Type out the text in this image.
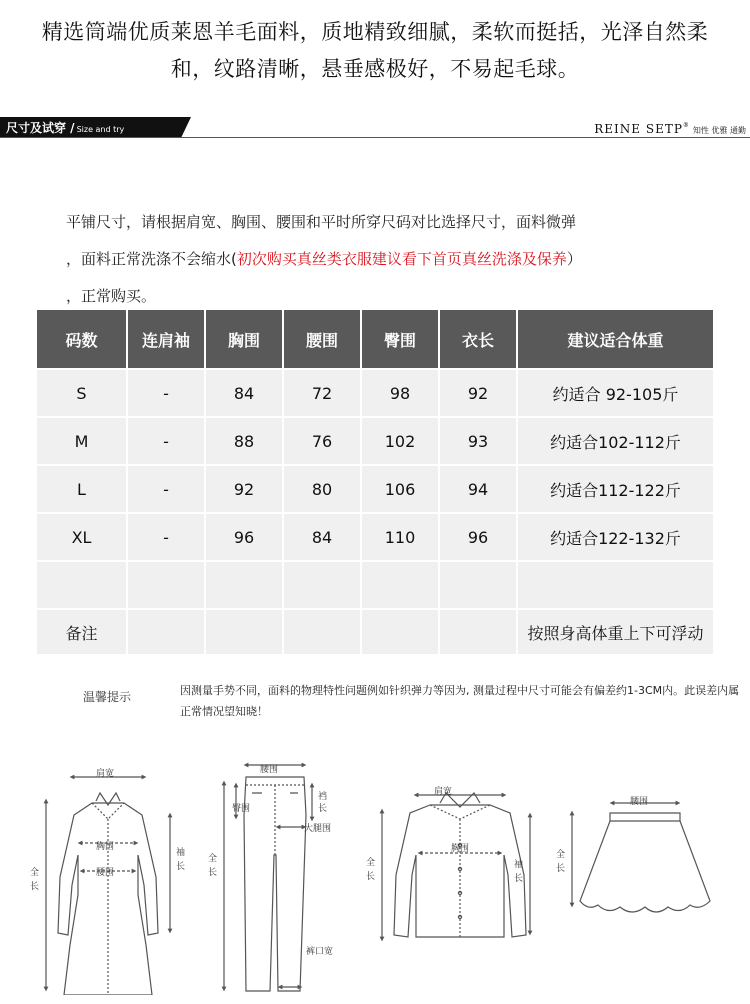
精选筒端优质莱恩羊毛面料，质地精致细腻，柔软而挺括，光泽自然柔
和，纹路清晰，悬垂感极好，不易起毛球。
尺寸及试穿 / Size and try	REINE SETP®知性 优雅 通勤
平铺尺寸，请根据肩宽、胸围、腰围和平时所穿尺码对比选择尺寸，面料微弹
，面料正常洗涤不会缩水(初次购买真丝类衣服建议看下首页真丝洗涤及保养）
，正常购买。
码数	连肩袖	胸围	腰围	臀围	衣长	建议适合体重
S	-	84	72	98	92	约适合 92-105斤
M	-	88	76	102	93	约适合102-112斤
L	-	92	80	106	94	约适合112-122斤
XL	-	96	84	110	96	约适合122-132斤

备注						按照身高体重上下可浮动
温馨提示	因测量手势不同，面料的物理特性问题例如针织弹力等因为, 测量过程中尺寸可能会有偏差约1-3CM内。此误差内属正常情况望知晓！
肩宽
胸围
腰围
袖
长
全
长
腰围
臀围
裆
长
大腿围
裤口宽
全
长
肩宽
胸围
袖
长
全
长
腰围
全
长
